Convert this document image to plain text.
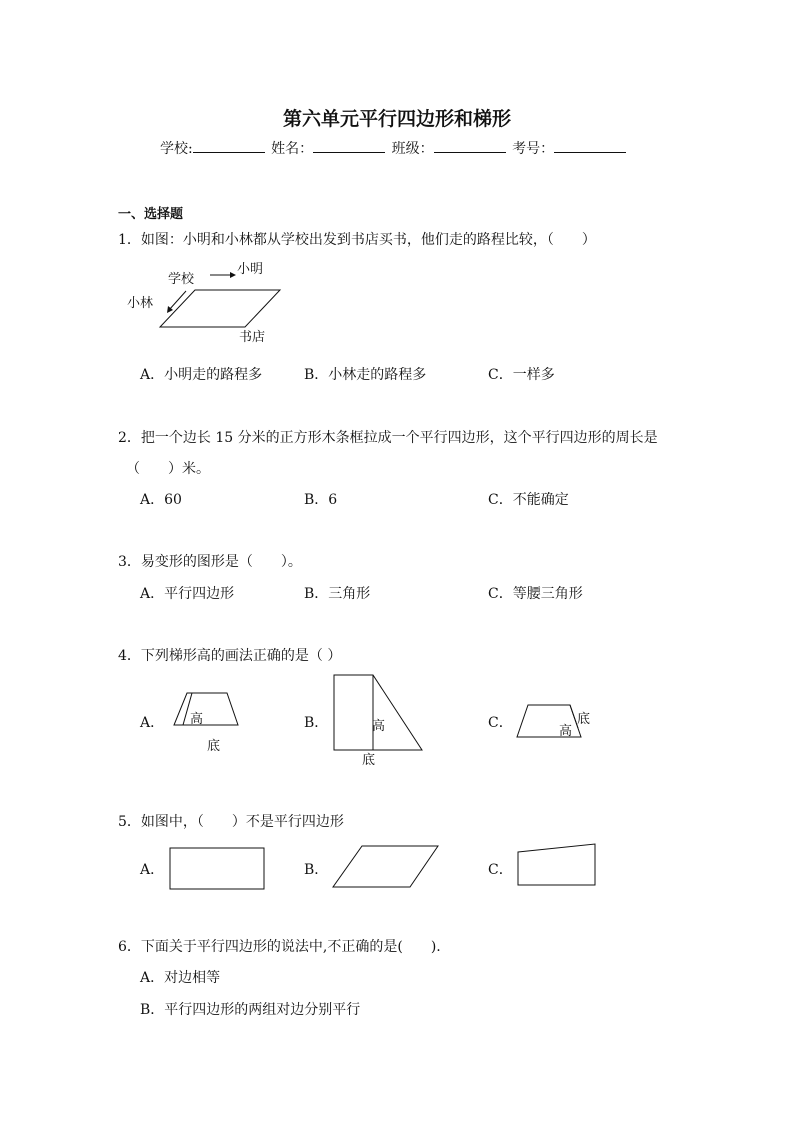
第六单元平行四边形和梯形
学校:	姓名：	班级：	考号：
一、选择题
1．如图：小明和小林都从学校出发到书店买书，他们走的路程比较，（　　）
学校
小明
小林
书店
A．小明走的路程多	B．小林走的路程多	C．一样多
2．把一个边长 15 分米的正方形木条框拉成一个平行四边形，这个平行四边形的周长是
（　　）米。
A．60	B．6	C．不能确定
3．易变形的图形是（　　）。
A．平行四边形	B．三角形	C．等腰三角形
4．下列梯形高的画法正确的是（ ）
A．	B．	C．
高
底
高
底
底
高
5．如图中，（　　）不是平行四边形
A．	B．	C．
6．下面关于平行四边形的说法中,不正确的是(　　).
A．对边相等
B．平行四边形的两组对边分别平行
